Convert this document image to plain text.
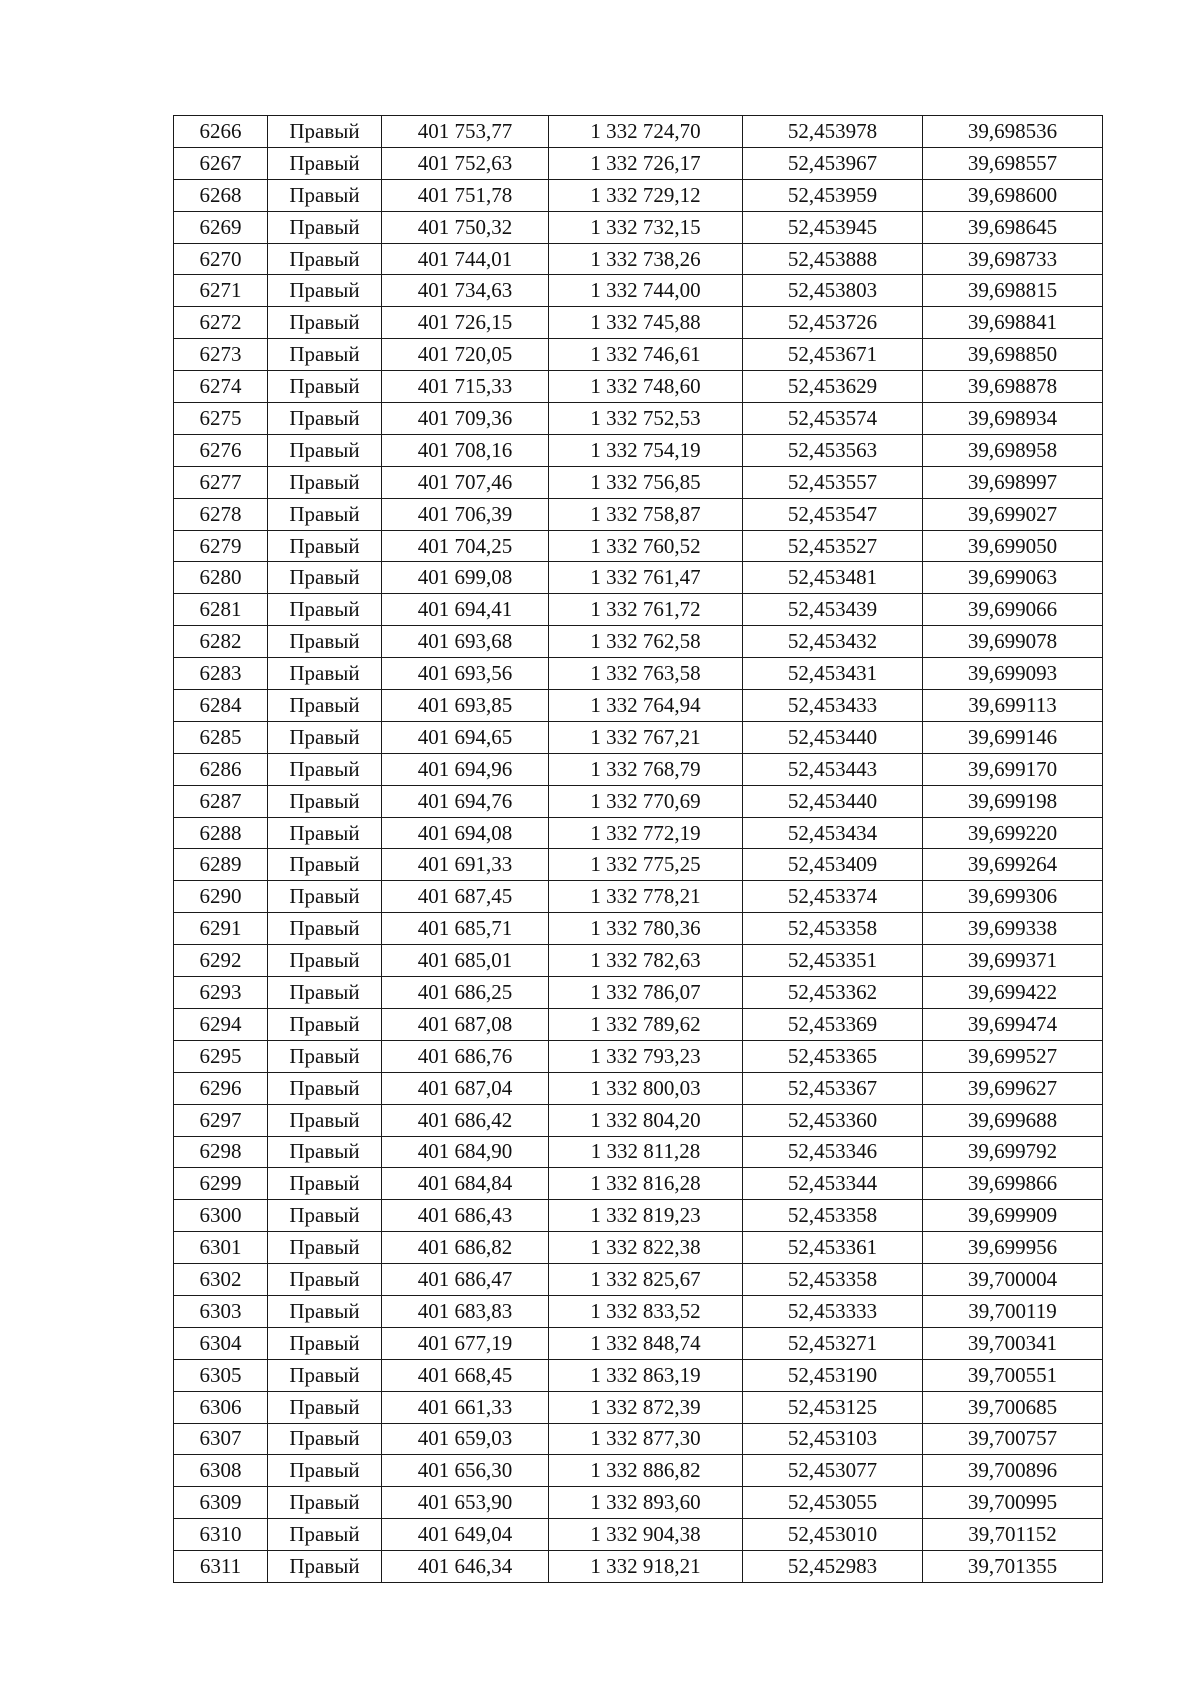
6266	Правый	401 753,77	1 332 724,70	52,453978	39,698536
6267	Правый	401 752,63	1 332 726,17	52,453967	39,698557
6268	Правый	401 751,78	1 332 729,12	52,453959	39,698600
6269	Правый	401 750,32	1 332 732,15	52,453945	39,698645
6270	Правый	401 744,01	1 332 738,26	52,453888	39,698733
6271	Правый	401 734,63	1 332 744,00	52,453803	39,698815
6272	Правый	401 726,15	1 332 745,88	52,453726	39,698841
6273	Правый	401 720,05	1 332 746,61	52,453671	39,698850
6274	Правый	401 715,33	1 332 748,60	52,453629	39,698878
6275	Правый	401 709,36	1 332 752,53	52,453574	39,698934
6276	Правый	401 708,16	1 332 754,19	52,453563	39,698958
6277	Правый	401 707,46	1 332 756,85	52,453557	39,698997
6278	Правый	401 706,39	1 332 758,87	52,453547	39,699027
6279	Правый	401 704,25	1 332 760,52	52,453527	39,699050
6280	Правый	401 699,08	1 332 761,47	52,453481	39,699063
6281	Правый	401 694,41	1 332 761,72	52,453439	39,699066
6282	Правый	401 693,68	1 332 762,58	52,453432	39,699078
6283	Правый	401 693,56	1 332 763,58	52,453431	39,699093
6284	Правый	401 693,85	1 332 764,94	52,453433	39,699113
6285	Правый	401 694,65	1 332 767,21	52,453440	39,699146
6286	Правый	401 694,96	1 332 768,79	52,453443	39,699170
6287	Правый	401 694,76	1 332 770,69	52,453440	39,699198
6288	Правый	401 694,08	1 332 772,19	52,453434	39,699220
6289	Правый	401 691,33	1 332 775,25	52,453409	39,699264
6290	Правый	401 687,45	1 332 778,21	52,453374	39,699306
6291	Правый	401 685,71	1 332 780,36	52,453358	39,699338
6292	Правый	401 685,01	1 332 782,63	52,453351	39,699371
6293	Правый	401 686,25	1 332 786,07	52,453362	39,699422
6294	Правый	401 687,08	1 332 789,62	52,453369	39,699474
6295	Правый	401 686,76	1 332 793,23	52,453365	39,699527
6296	Правый	401 687,04	1 332 800,03	52,453367	39,699627
6297	Правый	401 686,42	1 332 804,20	52,453360	39,699688
6298	Правый	401 684,90	1 332 811,28	52,453346	39,699792
6299	Правый	401 684,84	1 332 816,28	52,453344	39,699866
6300	Правый	401 686,43	1 332 819,23	52,453358	39,699909
6301	Правый	401 686,82	1 332 822,38	52,453361	39,699956
6302	Правый	401 686,47	1 332 825,67	52,453358	39,700004
6303	Правый	401 683,83	1 332 833,52	52,453333	39,700119
6304	Правый	401 677,19	1 332 848,74	52,453271	39,700341
6305	Правый	401 668,45	1 332 863,19	52,453190	39,700551
6306	Правый	401 661,33	1 332 872,39	52,453125	39,700685
6307	Правый	401 659,03	1 332 877,30	52,453103	39,700757
6308	Правый	401 656,30	1 332 886,82	52,453077	39,700896
6309	Правый	401 653,90	1 332 893,60	52,453055	39,700995
6310	Правый	401 649,04	1 332 904,38	52,453010	39,701152
6311	Правый	401 646,34	1 332 918,21	52,452983	39,701355
